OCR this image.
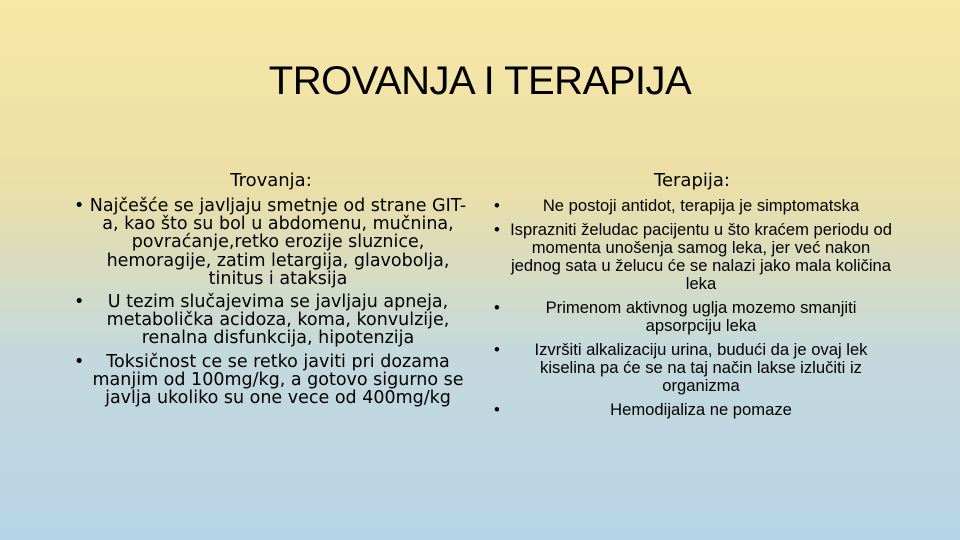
TROVANJA I TERAPIJA
Trovanja:
• Najčešće se javljaju smetnje od strane GIT-a, kao što su bol u abdomenu, mučnina, povraćanje,retko erozije sluznice, hemoragije, zatim letargija, glavobolja, tinitus i ataksija
• U tezim slučajevima se javljaju apneja, metabolička acidoza, koma, konvulzije, renalna disfunkcija, hipotenzija
• Toksičnost ce se retko javiti pri dozama manjim od 100mg/kg, a gotovo sigurno se javlja ukoliko su one vece od 400mg/kg
Terapija:
•	Ne postoji antidot, terapija je simptomatska
• Isprazniti želudac pacijentu u što kraćem periodu od momenta unošenja samog leka, jer već nakon jednog sata u želucu će se nalazi jako mala količina leka
•	Primenom aktivnog uglja mozemo smanjiti apsorpciju leka
• Izvršiti alkalizaciju urina, budući da je ovaj lek kiselina pa će se na taj način lakse izlučiti iz organizma
•	Hemodijaliza ne pomaze
